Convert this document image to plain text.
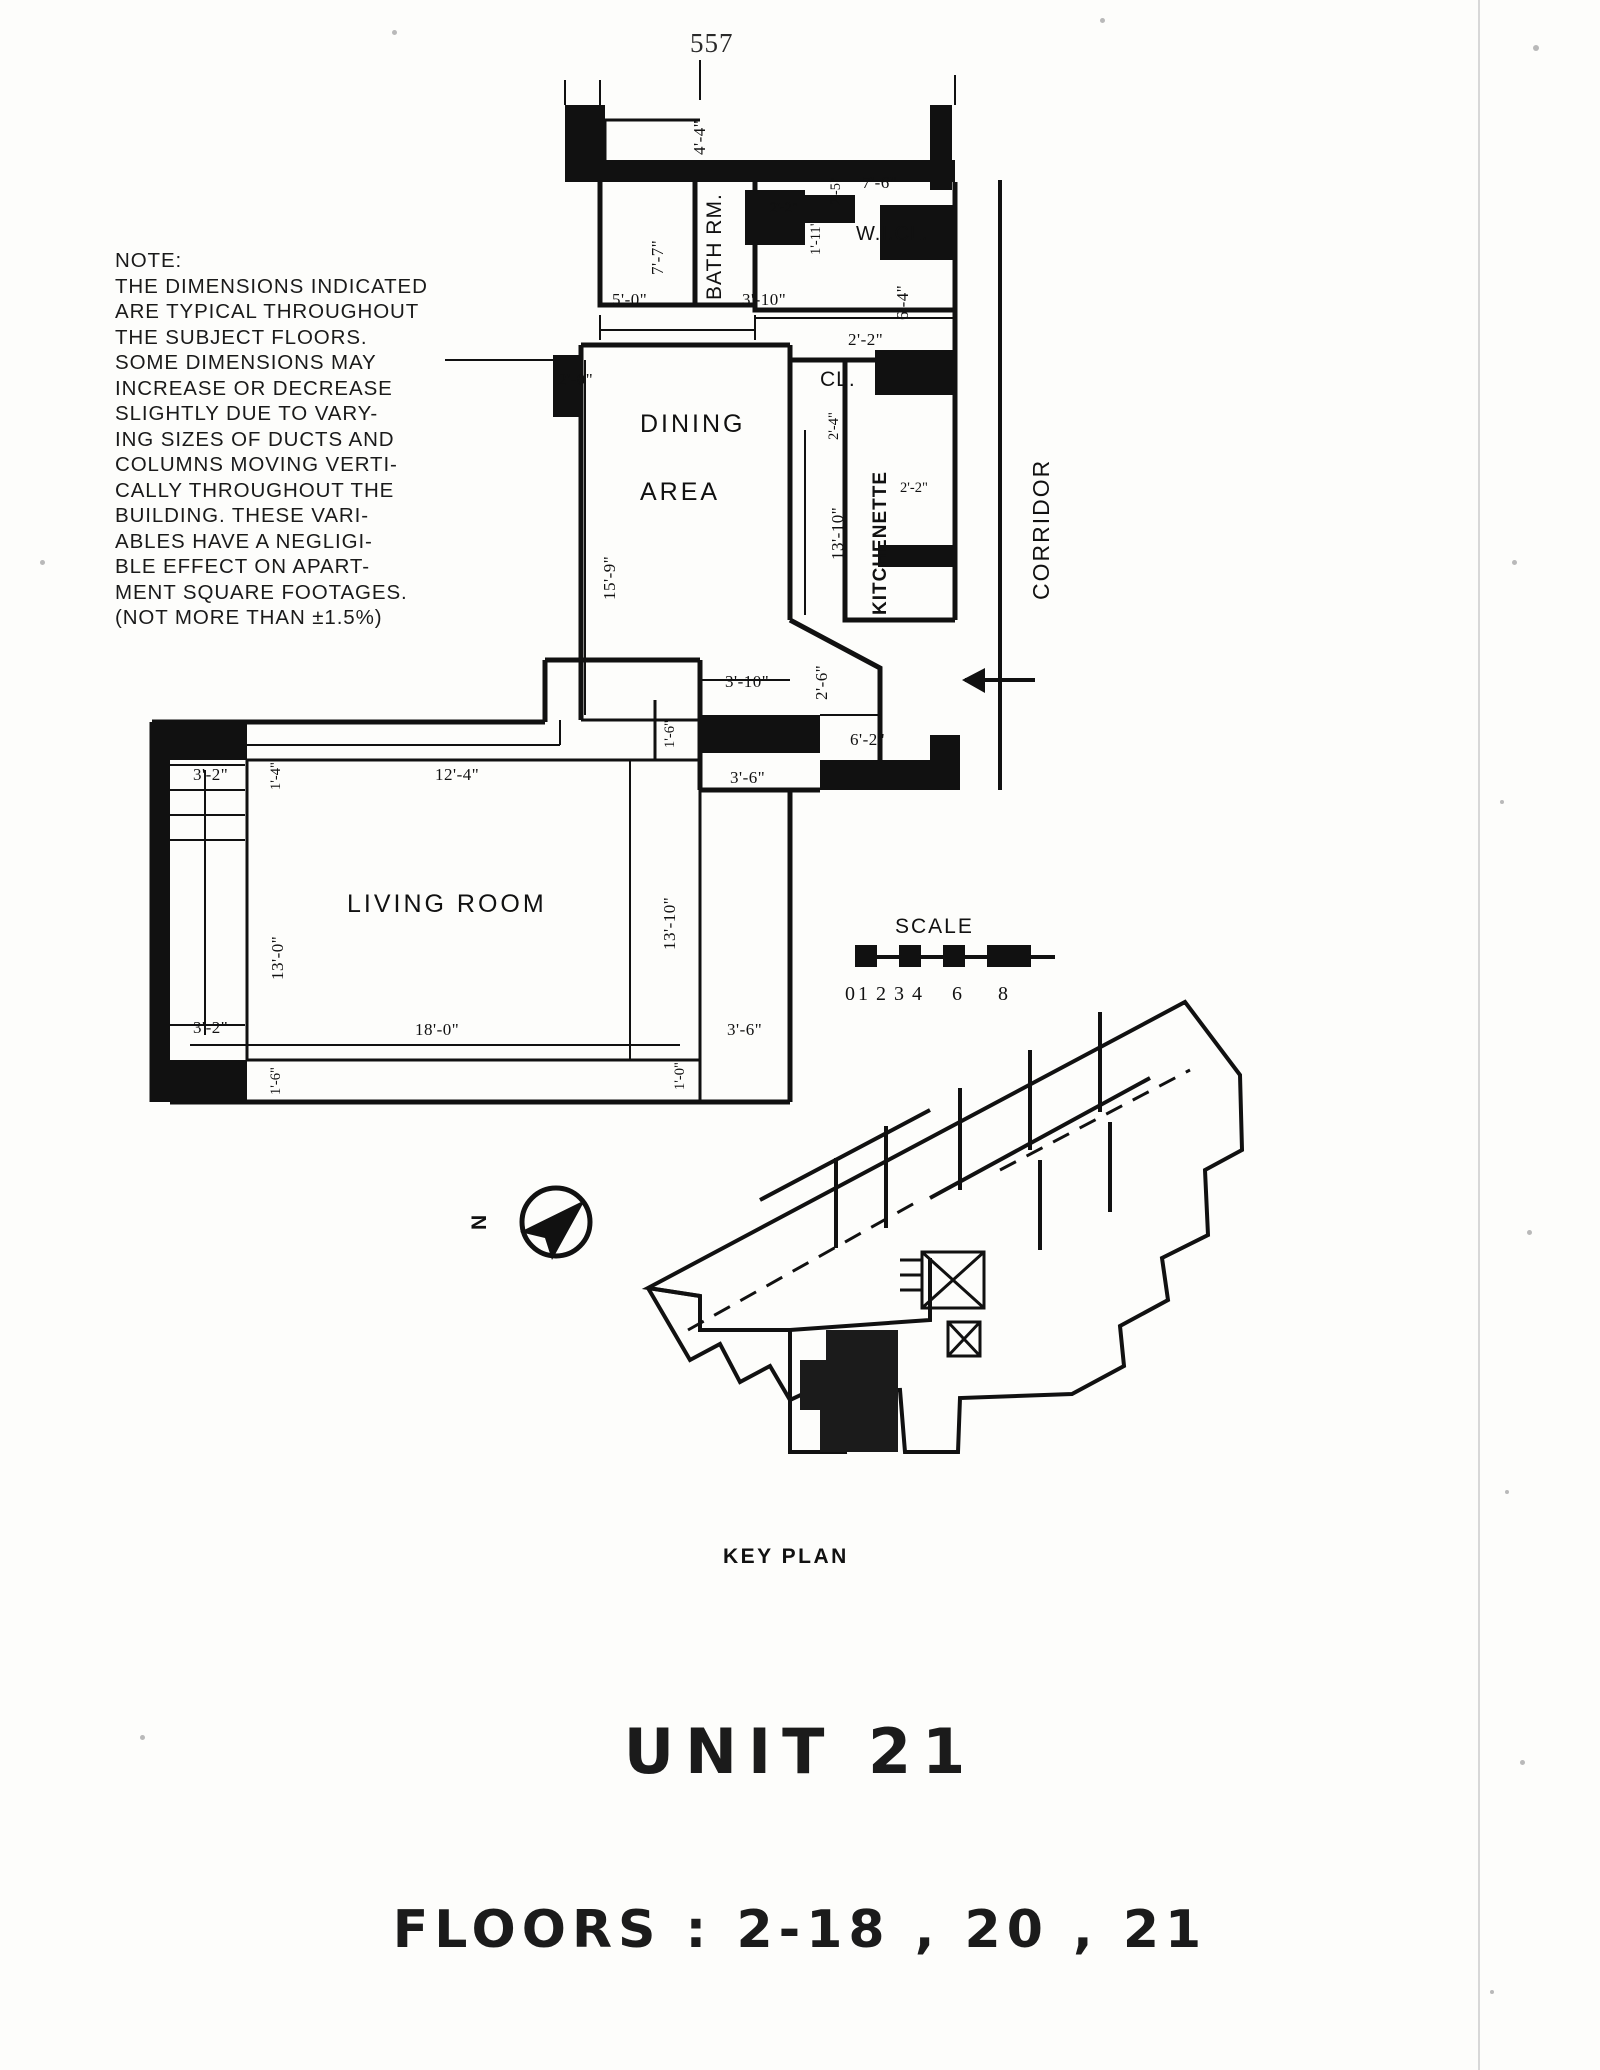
557
NOTE:
THE DIMENSIONS INDICATED
ARE TYPICAL THROUGHOUT
THE SUBJECT FLOORS.
SOME DIMENSIONS MAY
INCREASE OR DECREASE
SLIGHTLY DUE TO VARY-
ING SIZES OF DUCTS AND
COLUMNS MOVING VERTI-
CALLY THROUGHOUT THE
BUILDING. THESE VARI-
ABLES HAVE A NEGLIGI-
BLE EFFECT ON APART-
MENT SQUARE FOOTAGES.
(NOT MORE THAN ±1.5%)
BATH RM.	W.I.CL.
DINING
AREA
CL.
KITCHENETTE	CORRIDOR
LIVING ROOM
4'-4"
7'-7"
5'-0"
7'-6"
2'-2"
2'-5"
1'-11"
3'-10"	6'-4"
2'-2"
2'-0"
15'-9"
13'-10"
2'-4"
2'-2"
2'-6"
3'-10"
3'-6"
6'-2"
1'-6"
12'-4"
18'-0"
13'-10"
13'-0"
3'-2"
3'-2"
1'-4"
3'-6"
1'-6"	1'-0"
SCALE
0 1 2 3 4 6 8
N
KEY PLAN
UNIT 21
FLOORS : 2-18 , 20 , 21
